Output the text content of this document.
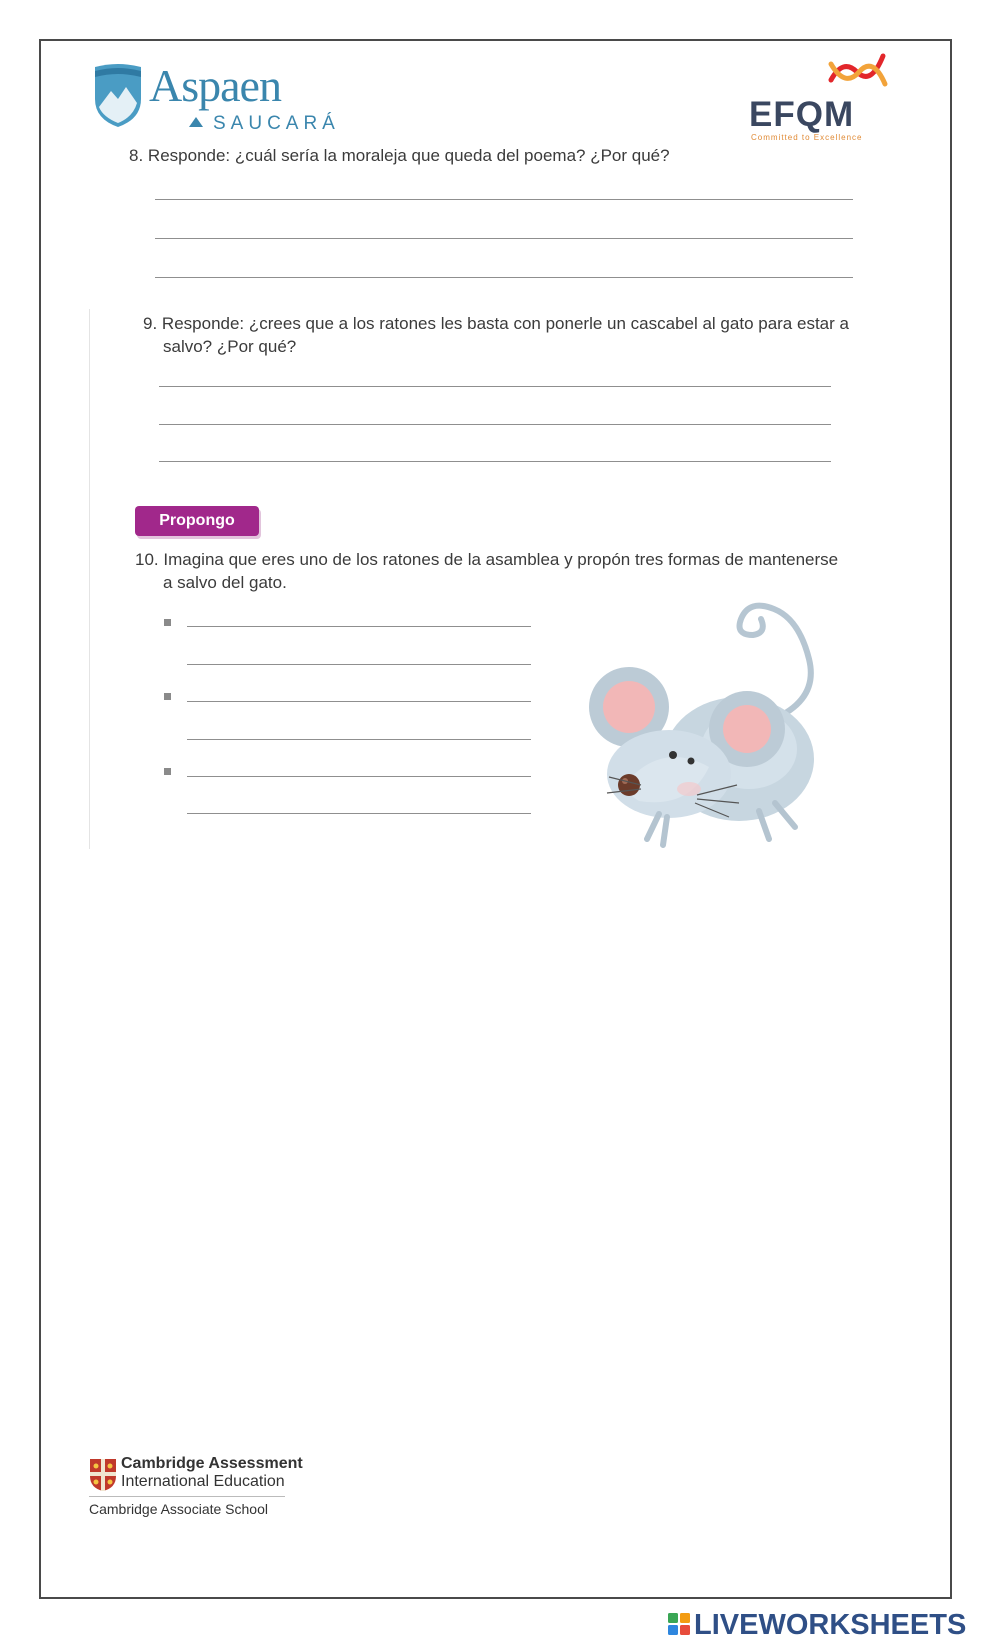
Aspaen
SAUCARÁ	EFQM
Committed to Excellence
8. Responde: ¿cuál sería la moraleja que queda del poema? ¿Por qué?
9. Responde: ¿crees que a los ratones les basta con ponerle un cascabel al gato para estar a
salvo? ¿Por qué?
Propongo
10. Imagina que eres uno de los ratones de la asamblea y propón tres formas de mantenerse
a salvo del gato.
Cambridge Assessment
International Education
Cambridge Associate School
LIVEWORKSHEETS
